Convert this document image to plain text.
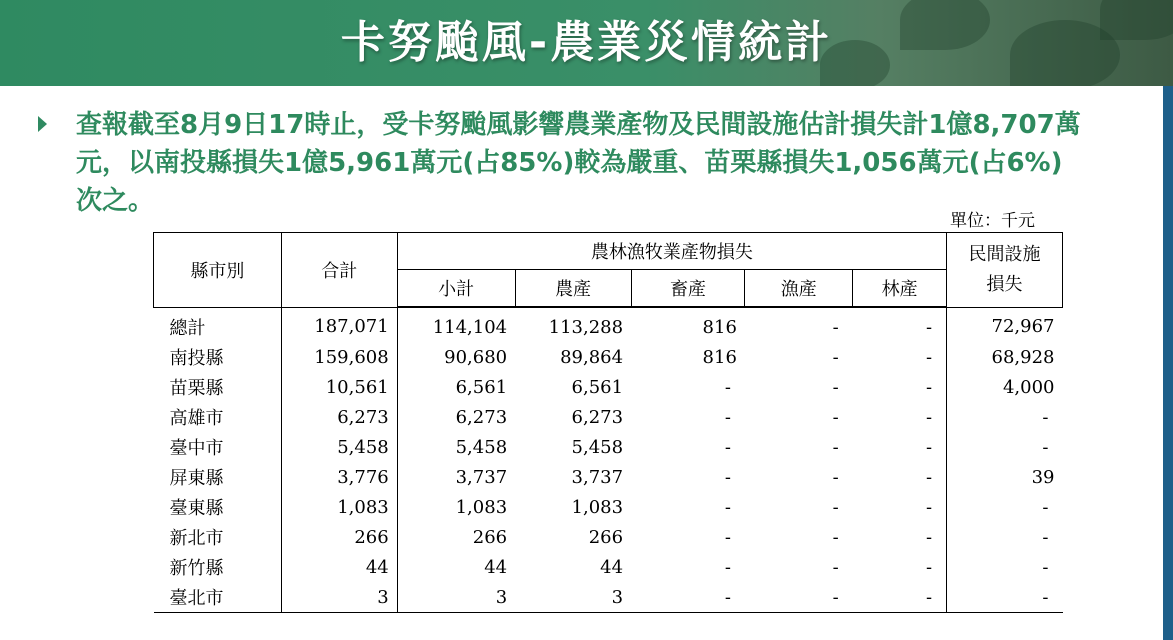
卡努颱風-農業災情統計
查報截至8月9日17時止，受卡努颱風影響農業產物及民間設施估計損失計1億8,707萬元，以南投縣損失1億5,961萬元(占85%)較為嚴重、苗栗縣損失1,056萬元(占6%)次之。
單位：千元
縣市別	合計	農林漁牧業產物損失					民間設施
損失
		小計	農產	畜產	漁產	林產	
總計	187,071	114,104	113,288	816	-	-	72,967
南投縣	159,608	90,680	89,864	816	-	-	68,928
苗栗縣	10,561	6,561	6,561	-	-	-	4,000
高雄市	6,273	6,273	6,273	-	-	-	-
臺中市	5,458	5,458	5,458	-	-	-	-
屏東縣	3,776	3,737	3,737	-	-	-	39
臺東縣	1,083	1,083	1,083	-	-	-	-
新北市	266	266	266	-	-	-	-
新竹縣	44	44	44	-	-	-	-
臺北市	3	3	3	-	-	-	-
